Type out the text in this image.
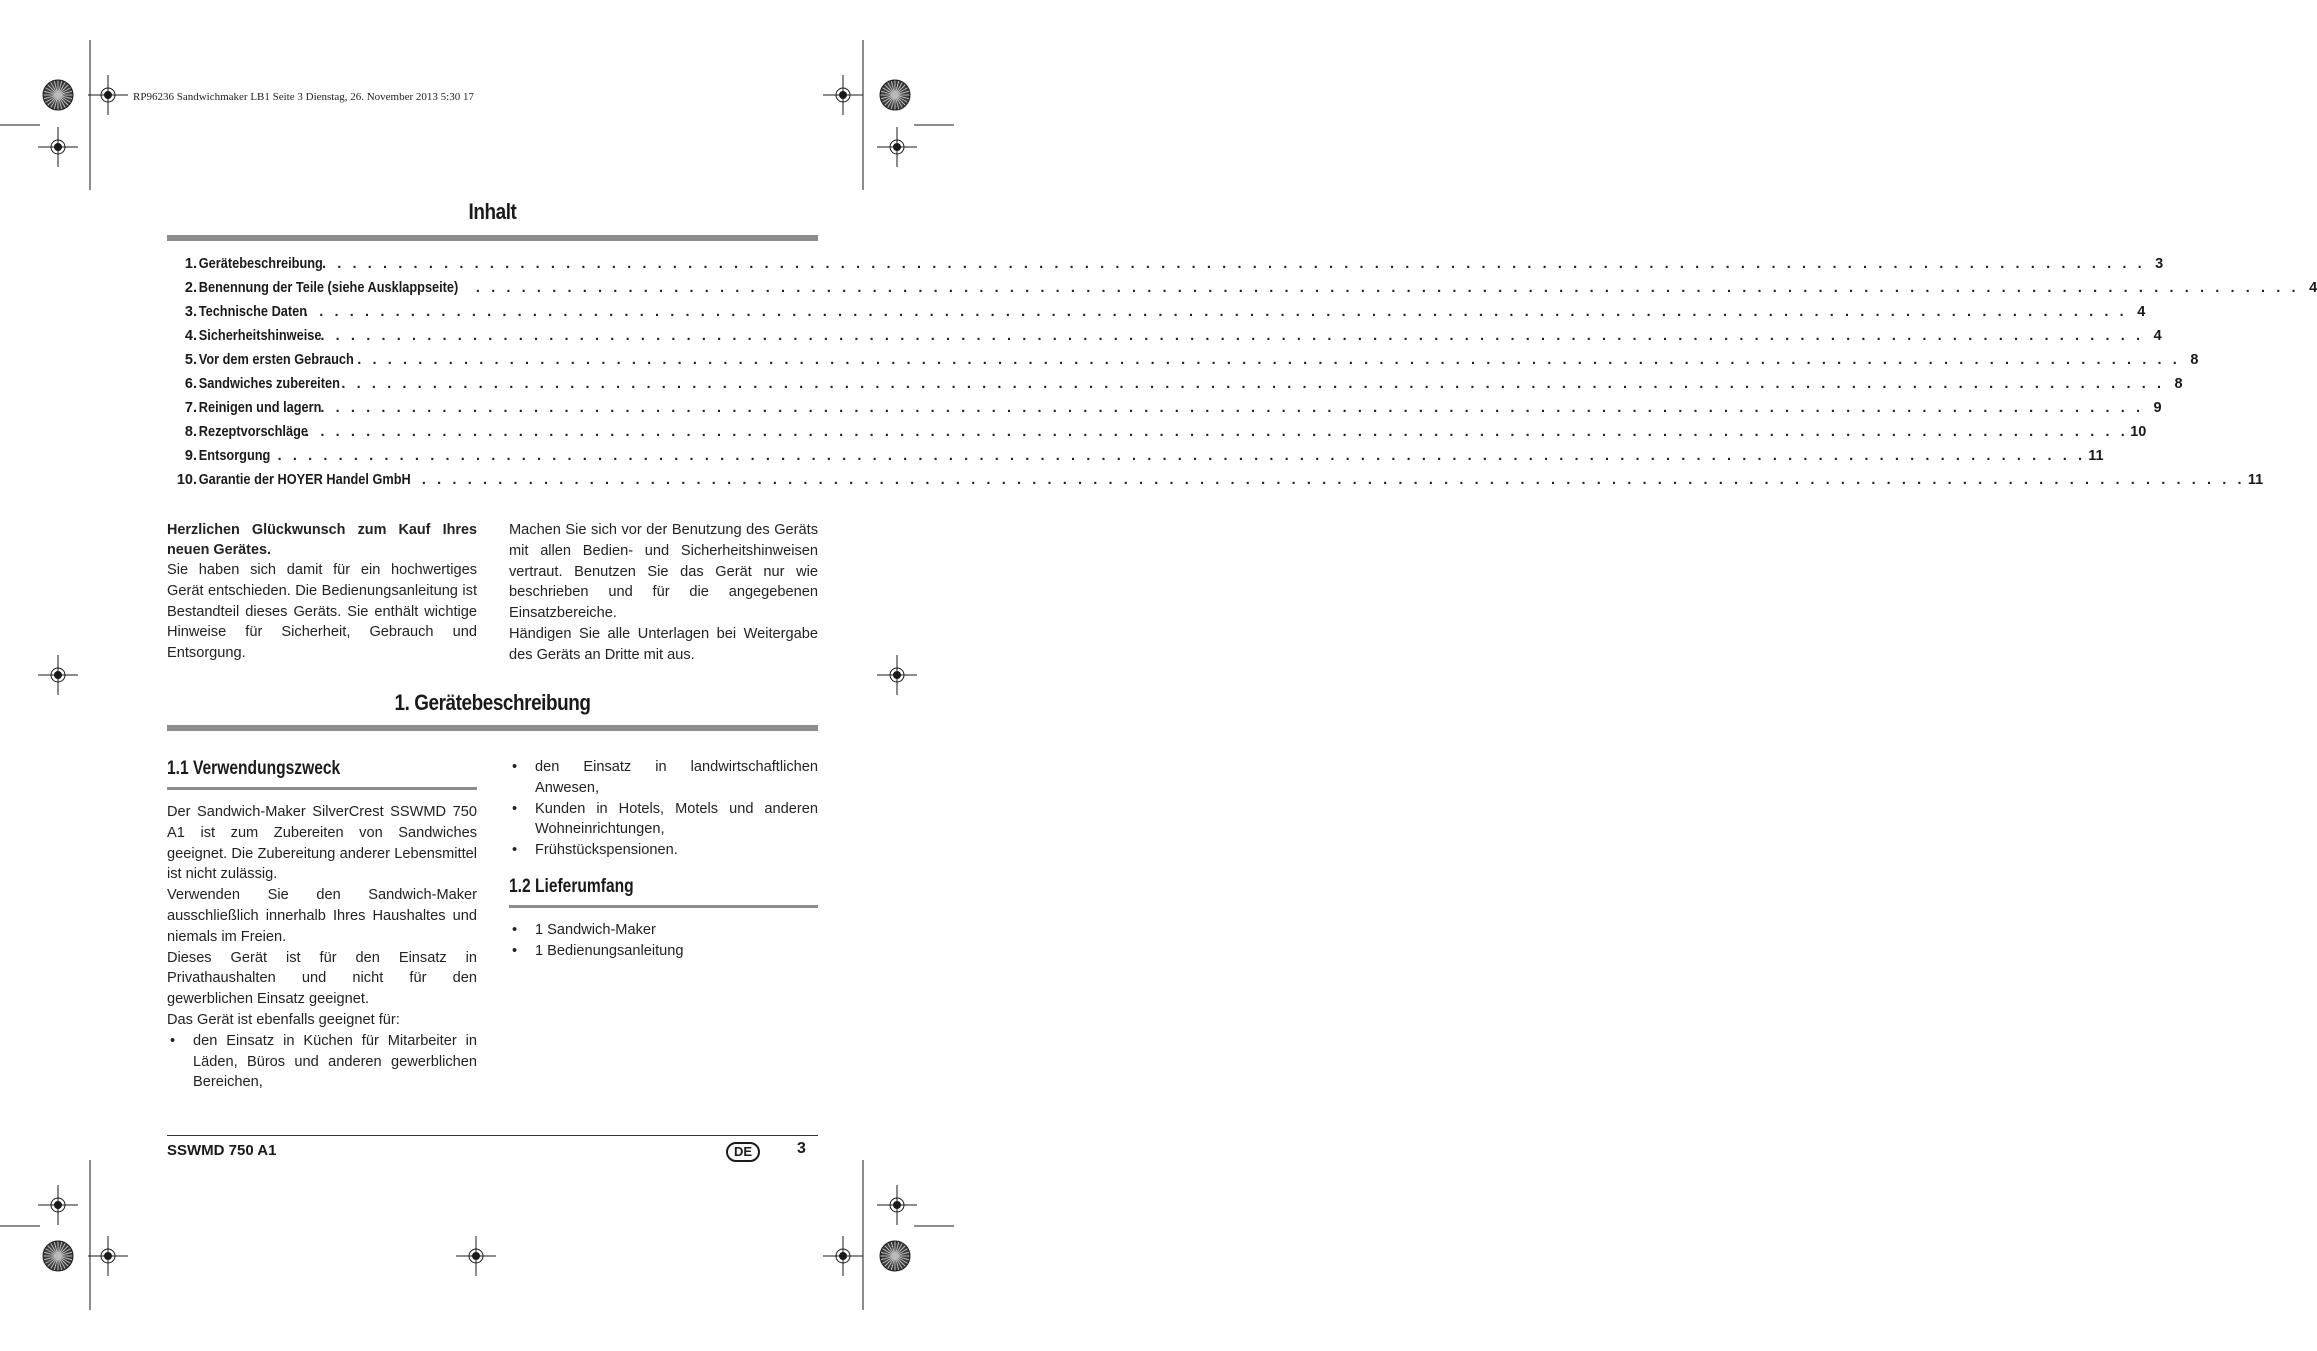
RP96236 Sandwichmaker LB1 Seite 3 Dienstag, 26. November 2013 5:30 17
Inhalt
1. Gerätebeschreibung . . . . . . . . . . . . . . . . . . . . . . . . . . . . . . . . . . . . . . . . . . . . . . . . . . . . . . . . . . . . . . . . . . . . . . . . . . . . . . . . . . . . . . . . . . . . . . . . . . . . . . . . . . . . . . . . . . . . . . . . 3
2. Benennung der Teile (siehe Ausklappseite) . . . . . . . . . . . . . . . . . . . . . . . . . . . . . . . . . . . . . . . . . . . . . . . . . . . . . . . . . . . . . . . . . . . . . . . . . . . . . . . . . . . . . . . . . . . . . . . . . . . . . . . . . . . . . . . . . . . . . . . . 4
3. Technische Daten
. . . . . . . . . . . . . . . . . . . . . . . . . . . . . . . . . . . . . . . . . . . . . . . . . . . . . . . . . . . . . . . . . . . . . . . . . . . . . . . . . . . . . . . . . . . . . . . . . . . . . . . . . . . . . . . . . . . . . . . . 4
4. Sicherheitshinweise
. . . . . . . . . . . . . . . . . . . . . . . . . . . . . . . . . . . . . . . . . . . . . . . . . . . . . . . . . . . . . . . . . . . . . . . . . . . . . . . . . . . . . . . . . . . . . . . . . . . . . . . . . . . . . . . . . . . . . . . . 4
5. Vor dem ersten Gebrauch . . . . . . . . . . . . . . . . . . . . . . . . . . . . . . . . . . . . . . . . . . . . . . . . . . . . . . . . . . . . . . . . . . . . . . . . . . . . . . . . . . . . . . . . . . . . . . . . . . . . . . . . . . . . . . . . . . . . . . . . 8
6. Sandwiches zubereiten . . . . . . . . . . . . . . . . . . . . . . . . . . . . . . . . . . . . . . . . . . . . . . . . . . . . . . . . . . . . . . . . . . . . . . . . . . . . . . . . . . . . . . . . . . . . . . . . . . . . . . . . . . . . . . . . . . . . . . . . 8
7. Reinigen und lagern
. . . . . . . . . . . . . . . . . . . . . . . . . . . . . . . . . . . . . . . . . . . . . . . . . . . . . . . . . . . . . . . . . . . . . . . . . . . . . . . . . . . . . . . . . . . . . . . . . . . . . . . . . . . . . . . . . . . . . . . . 9
8. Rezeptvorschläge
. . . . . . . . . . . . . . . . . . . . . . . . . . . . . . . . . . . . . . . . . . . . . . . . . . . . . . . . . . . . . . . . . . . . . . . . . . . . . . . . . . . . . . . . . . . . . . . . . . . . . . . . . . . . . . . . . . . . . . . . 10
9. Entsorgung
. . . . . . . . . . . . . . . . . . . . . . . . . . . . . . . . . . . . . . . . . . . . . . . . . . . . . . . . . . . . . . . . . . . . . . . . . . . . . . . . . . . . . . . . . . . . . . . . . . . . . . . . . . . . . . . . . . . . . . . . 11
10. Garantie der HOYER Handel GmbH . . . . . . . . . . . . . . . . . . . . . . . . . . . . . . . . . . . . . . . . . . . . . . . . . . . . . . . . . . . . . . . . . . . . . . . . . . . . . . . . . . . . . . . . . . . . . . . . . . . . . . . . . . . . . . . . . . . . . . . . 11

Herzlichen Glückwunsch zum Kauf Ihres neuen Gerätes.

Sie haben sich damit für ein hochwertiges Gerät entschieden. Die Bedienungsanleitung ist Bestandteil dieses Geräts. Sie enthält wichtige Hinweise für Sicherheit, Gebrauch und Entsorgung.

Machen Sie sich vor der Benutzung des Geräts mit allen Bedien- und Sicherheitshinweisen vertraut. Benutzen Sie das Gerät nur wie beschrieben und für die angegebenen Einsatzbereiche.

Händigen Sie alle Unterlagen bei Weitergabe des Geräts an Dritte mit aus.

1. Gerätebeschreibung
1.1 Verwendungszweck

Der Sandwich-Maker SilverCrest SSWMD 750 A1 ist zum Zubereiten von Sandwiches geeignet. Die Zubereitung anderer Lebensmittel ist nicht zulässig.

Verwenden Sie den Sandwich-Maker ausschließlich innerhalb Ihres Haushaltes und niemals im Freien.

Dieses Gerät ist für den Einsatz in Privathaushalten und nicht für den gewerblichen Einsatz geeignet.

Das Gerät ist ebenfalls geeignet für:

• den Einsatz in Küchen für Mitarbeiter in Läden, Büros und anderen gewerblichen Bereichen,
• den Einsatz in landwirtschaftlichen Anwesen,
• Kunden in Hotels, Motels und anderen Wohneinrichtungen,
• Frühstückspensionen.
1.2 Lieferumfang
• 1 Sandwich-Maker
• 1 Bedienungsanleitung
SSWMD 750 A1	DE	3
